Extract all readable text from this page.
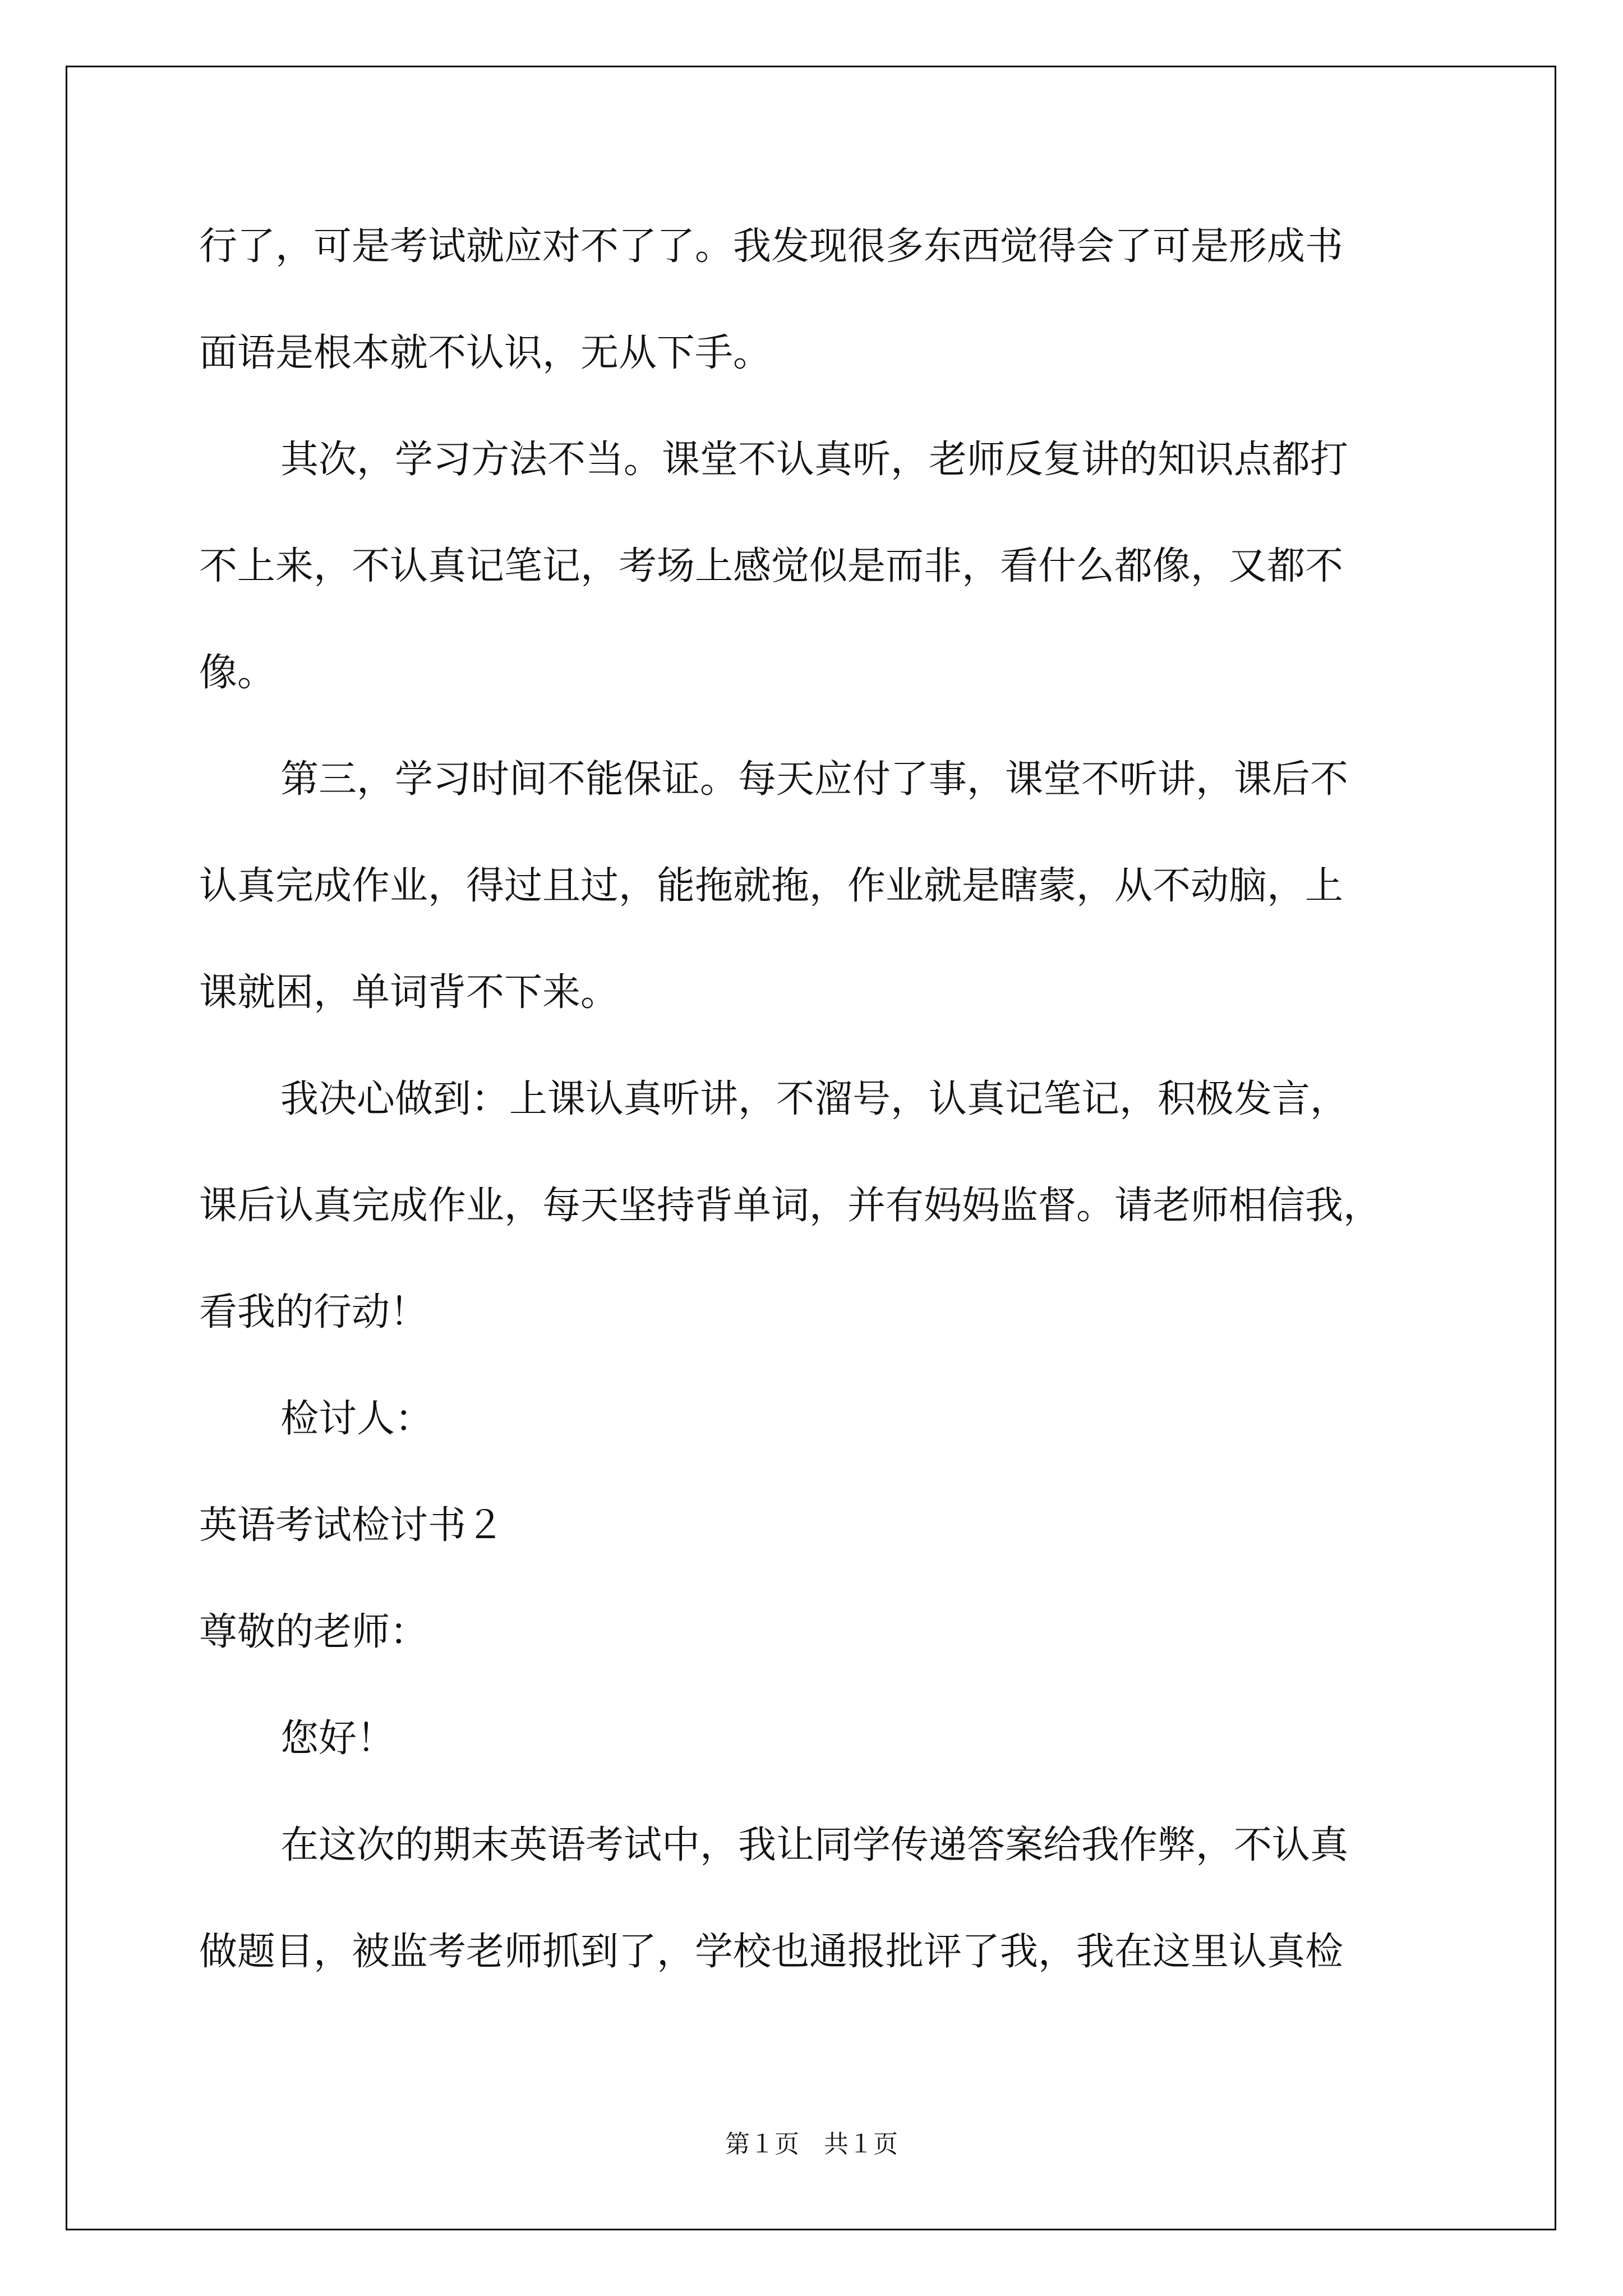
行了，可是考试就应对不了了。我发现很多东西觉得会了可是形成书

面语是根本就不认识，无从下手。

其次，学习方法不当。课堂不认真听，老师反复讲的知识点都打

不上来，不认真记笔记，考场上感觉似是而非，看什么都像，又都不

像。

第三，学习时间不能保证。每天应付了事，课堂不听讲，课后不

认真完成作业，得过且过，能拖就拖，作业就是瞎蒙，从不动脑，上

课就困，单词背不下来。

我决心做到：上课认真听讲，不溜号，认真记笔记，积极发言，

课后认真完成作业，每天坚持背单词，并有妈妈监督。请老师相信我，

看我的行动！

检讨人：

英语考试检讨书２

尊敬的老师：

您好！

在这次的期末英语考试中，我让同学传递答案给我作弊，不认真

做题目，被监考老师抓到了，学校也通报批评了我，我在这里认真检

第１页　共１页
